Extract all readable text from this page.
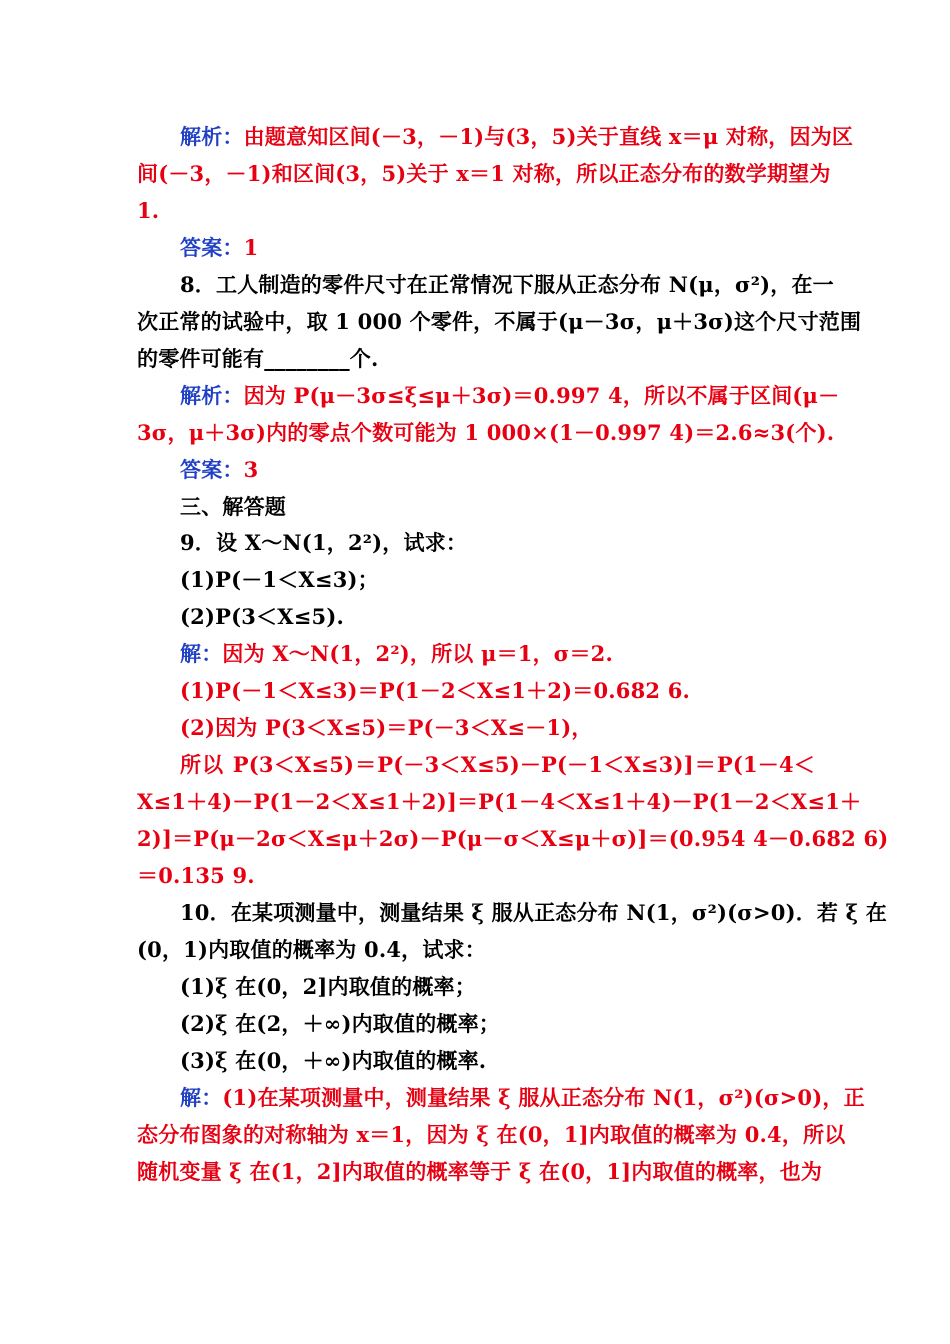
解析：由题意知区间(－3，－1)与(3，5)关于直线 x＝μ 对称，因为区
间(－3，－1)和区间(3，5)关于 x＝1 对称，所以正态分布的数学期望为
1.
答案：1
8．工人制造的零件尺寸在正常情况下服从正态分布 N(μ，σ²)，在一
次正常的试验中，取 1 000 个零件，不属于(μ－3σ，μ＋3σ)这个尺寸范围
的零件可能有________个.
解析：因为 P(μ－3σ≤ξ≤μ＋3σ)＝0.997 4，所以不属于区间(μ－
3σ，μ＋3σ)内的零点个数可能为 1 000×(1－0.997 4)＝2.6≈3(个).
答案：3
三、解答题
9．设 X～N(1，2²)，试求：
(1)P(－1＜X≤3)；
(2)P(3＜X≤5).
解：因为 X～N(1，2²)，所以 μ＝1，σ＝2.
(1)P(－1＜X≤3)＝P(1－2＜X≤1＋2)＝0.682 6.
(2)因为 P(3＜X≤5)＝P(－3＜X≤－1)，
所以 P(3＜X≤5)＝P(－3＜X≤5)－P(－1＜X≤3)]＝P(1－4＜
X≤1＋4)－P(1－2＜X≤1＋2)]＝P(1－4＜X≤1＋4)－P(1－2＜X≤1＋
2)]＝P(μ－2σ＜X≤μ＋2σ)－P(μ－σ＜X≤μ＋σ)]＝(0.954 4－0.682 6)
＝0.135 9.
10．在某项测量中，测量结果 ξ 服从正态分布 N(1，σ²)(σ>0)．若 ξ 在
(0，1)内取值的概率为 0.4，试求：
(1)ξ 在(0，2]内取值的概率；
(2)ξ 在(2，＋∞)内取值的概率；
(3)ξ 在(0，＋∞)内取值的概率.
解：(1)在某项测量中，测量结果 ξ 服从正态分布 N(1，σ²)(σ>0)，正
态分布图象的对称轴为 x＝1，因为 ξ 在(0，1]内取值的概率为 0.4，所以
随机变量 ξ 在(1，2]内取值的概率等于 ξ 在(0，1]内取值的概率，也为
